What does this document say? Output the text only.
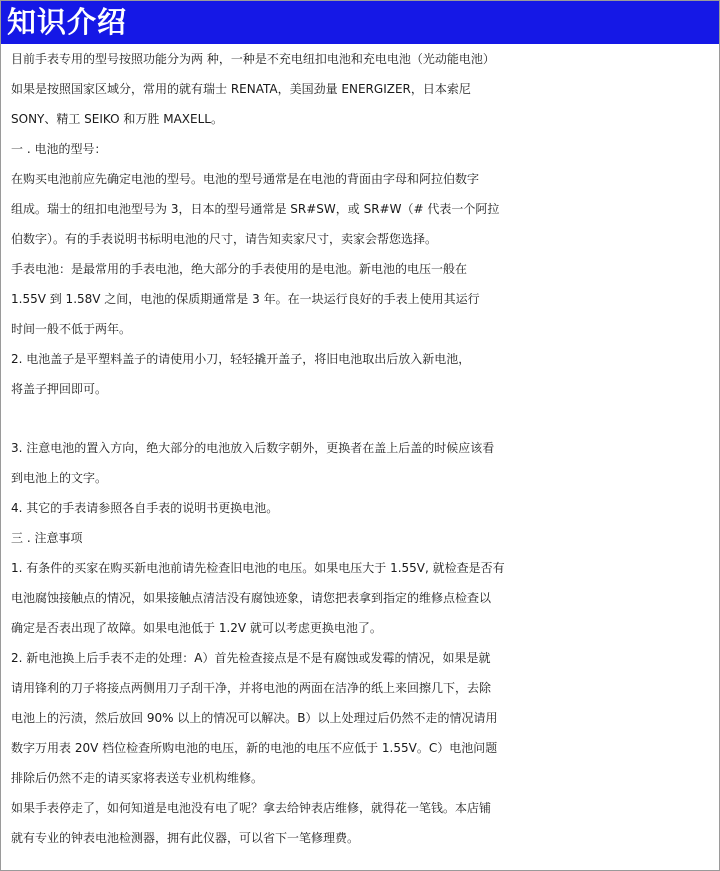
知识介绍
目前手表专用的型号按照功能分为两 种，一种是不充电纽扣电池和充电电池（光动能电池）
如果是按照国家区域分，常用的就有瑞士 RENATA，美国劲量 ENERGIZER，日本索尼
SONY、精工 SEIKO 和万胜 MAXELL。
一 . 电池的型号：
在购买电池前应先确定电池的型号。电池的型号通常是在电池的背面由字母和阿拉伯数字
组成。瑞士的纽扣电池型号为 3，日本的型号通常是 SR#SW，或 SR#W（# 代表一个阿拉
伯数字）。有的手表说明书标明电池的尺寸，请告知卖家尺寸，卖家会帮您选择。
手表电池：是最常用的手表电池，绝大部分的手表使用的是电池。新电池的电压一般在
1.55V 到 1.58V 之间，电池的保质期通常是 3 年。在一块运行良好的手表上使用其运行
时间一般不低于两年。
2. 电池盖子是平塑料盖子的请使用小刀，轻轻撬开盖子，将旧电池取出后放入新电池，
将盖子押回即可。
3. 注意电池的置入方向，绝大部分的电池放入后数字朝外，更换者在盖上后盖的时候应该看
到电池上的文字。
4. 其它的手表请参照各自手表的说明书更换电池。
三 . 注意事项
1. 有条件的买家在购买新电池前请先检查旧电池的电压。如果电压大于 1.55V, 就检查是否有
电池腐蚀接触点的情况，如果接触点清洁没有腐蚀迹象，请您把表拿到指定的维修点检查以
确定是否表出现了故障。如果电池低于 1.2V 就可以考虑更换电池了。
2. 新电池换上后手表不走的处理：A）首先检查接点是不是有腐蚀或发霉的情况，如果是就
请用锋利的刀子将接点两侧用刀子刮干净，并将电池的两面在洁净的纸上来回擦几下，去除
电池上的污渍，然后放回 90% 以上的情况可以解决。B）以上处理过后仍然不走的情况请用
数字万用表 20V 档位检查所购电池的电压，新的电池的电压不应低于 1.55V。C）电池问题
排除后仍然不走的请买家将表送专业机构维修。
如果手表停走了，如何知道是电池没有电了呢？拿去给钟表店维修，就得花一笔钱。本店铺
就有专业的钟表电池检测器，拥有此仪器，可以省下一笔修理费。
